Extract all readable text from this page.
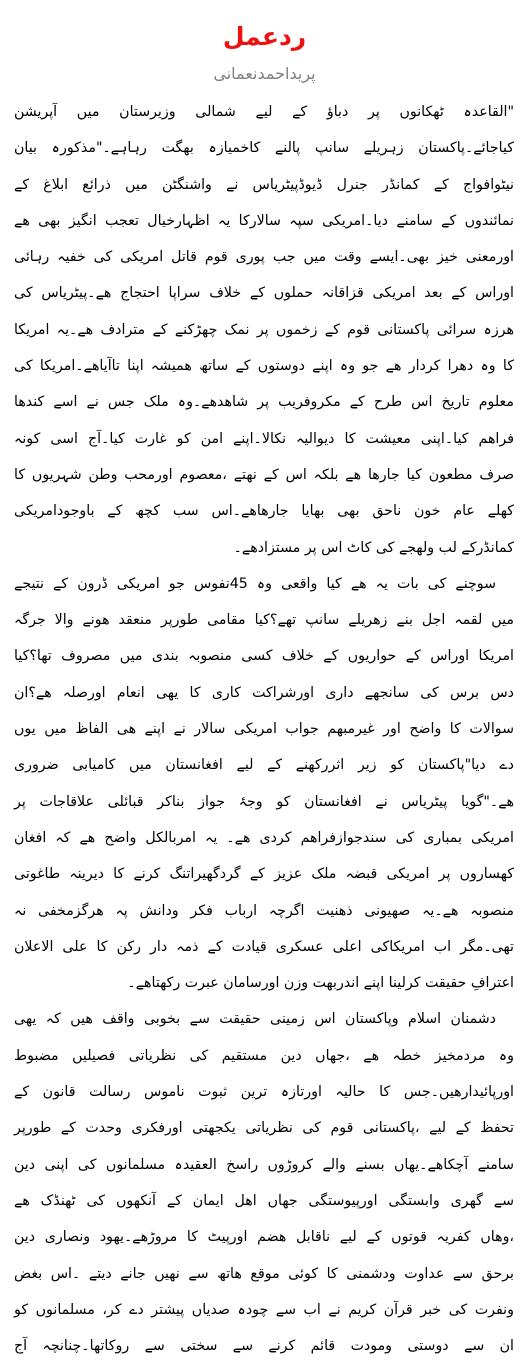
ردعمل
پریداحمدنعمانی
"القاعدہ ٹھکانوں پر دباؤ کے لیے شمالی وزیرستان میں آپریشن
کیاجائے۔پاکستان زہریلے سانپ پالنے کاخمیازہ بھگت رہاہے۔"مذکورہ بیان
نیٹوافواج کے کمانڈر جنرل ڈیوڈپیٹریاس نے واشنگٹن میں ذرائع ابلاغ کے
نمائندوں کے سامنے دیا۔امریکی سپہ سالارکا یہ اظہارخیال تعجب انگیز بھی ھے
اورمعنی خیز بھی۔ایسے وقت میں جب پوری قوم قاتل امریکی کی خفیہ رہائی
اوراس کے بعد امریکی قزاقانہ حملوں کے خلاف سراپا احتجاج ھے۔پیٹریاس کی
ھرزہ سرائی پاکستانی قوم کے زخموں پر نمک چھڑکنے کے مترادف ھے۔یہ امریکا
کا وہ دھرا کردار ھے جو وہ اپنے دوستوں کے ساتھ ھمیشہ اپنا تاآیاھے۔امریکا کی
معلوم تاریخ اس طرح کے مکروفریب پر شاھدھے۔وہ ملک جس نے اسے کندھا
فراھم کیا۔اپنی معیشت کا دیوالیہ نکالا۔اپنے امن کو غارت کیا۔آج اسی کونہ
صرف مطعون کیا جارھا ھے بلکہ اس کے نھتے ،معصوم اورمحب وطن شہریوں کا
کھلے عام خون ناحق بھی بھایا جارھاھے۔اس سب کچھ کے باوجودامریکی
کمانڈرکے لب ولھجے کی کاٹ اس پر مستزادھے۔
سوچنے کی بات یہ ھے کیا واقعی وہ 45نفوس جو امریکی ڈرون کے نتیجے
میں لقمہ اجل بنے زھریلے سانپ تھے؟کیا مقامی طورپر منعقد ھونے والا جرگہ
امریکا اوراس کے حواریوں کے خلاف کسی منصوبہ بندی میں مصروف تھا؟کیا
دس برس کی سانجھے داری اورشراکت کاری کا یھی انعام اورصلہ ھے؟ان
سوالات کا واضح اور غیرمبھم جواب امریکی سالار نے اپنے ھی الفاظ میں یوں
دے دیا"پاکستان کو زیر اثررکھنے کے لیے افغانستان میں کامیابی ضروری
ھے۔"گویا پیٹریاس نے افغانستان کو وجۂ جواز بناکر قبائلی علاقاجات پر
امریکی بمباری کی سندجوازفراھم کردی ھے۔ یہ امربالکل واضح ھے کہ افغان
کھساروں پر امریکی قبضہ ملک عزیز کے گردگھیراتنگ کرنے کا دیرینہ طاغوتی
منصوبہ ھے۔یہ صھیونی ذھنیت اگرچہ ارباب فکر ودانش پہ ھرگزمخفی نہ
تھی۔مگر اب امریکاکی اعلی عسکری قیادت کے ذمہ دار رکن کا علی الاعلان
اعترافِ حقیقت کرلینا اپنے اندربھت وزن اورسامان عبرت رکھتاھے۔
دشمنان اسلام وپاکستان اس زمینی حقیقت سے بخوبی واقف ھیں کہ یھی
وہ مردمخیز خطہ ھے ،جھاں دین مستقیم کی نظریاتی فصیلیں مضبوط
اورپائیدارھیں۔جس کا حالیہ اورتازہ ترین ثبوت ناموس رسالت قانون کے
تحفظ کے لیے ،پاکستانی قوم کی نظریاتی یکجھتی اورفکری وحدت کے طورپر
سامنے آچکاھے۔یھاں بسنے والے کروڑوں راسخ العقیدہ مسلمانوں کی اپنی دین
سے گھری وابستگی اورپیوستگی جھاں اھل ایمان کے آنکھوں کی ٹھنڈک ھے
،وھاں کفریہ قوتوں کے لیے ناقابل ھضم اورپیٹ کا مروڑھے۔یھود ونصاری دین
برحق سے عداوت ودشمنی کا کوئی موقع ھاتھ سے نھیں جانے دیتے ۔اس بغض
ونفرت کی خبر قرآن کریم نے اب سے چودہ صدیاں پیشتر دے کر، مسلمانوں کو
ان سے دوستی ومودت قائم کرنے سے سختی سے روکاتھا۔چنانچہ آج
